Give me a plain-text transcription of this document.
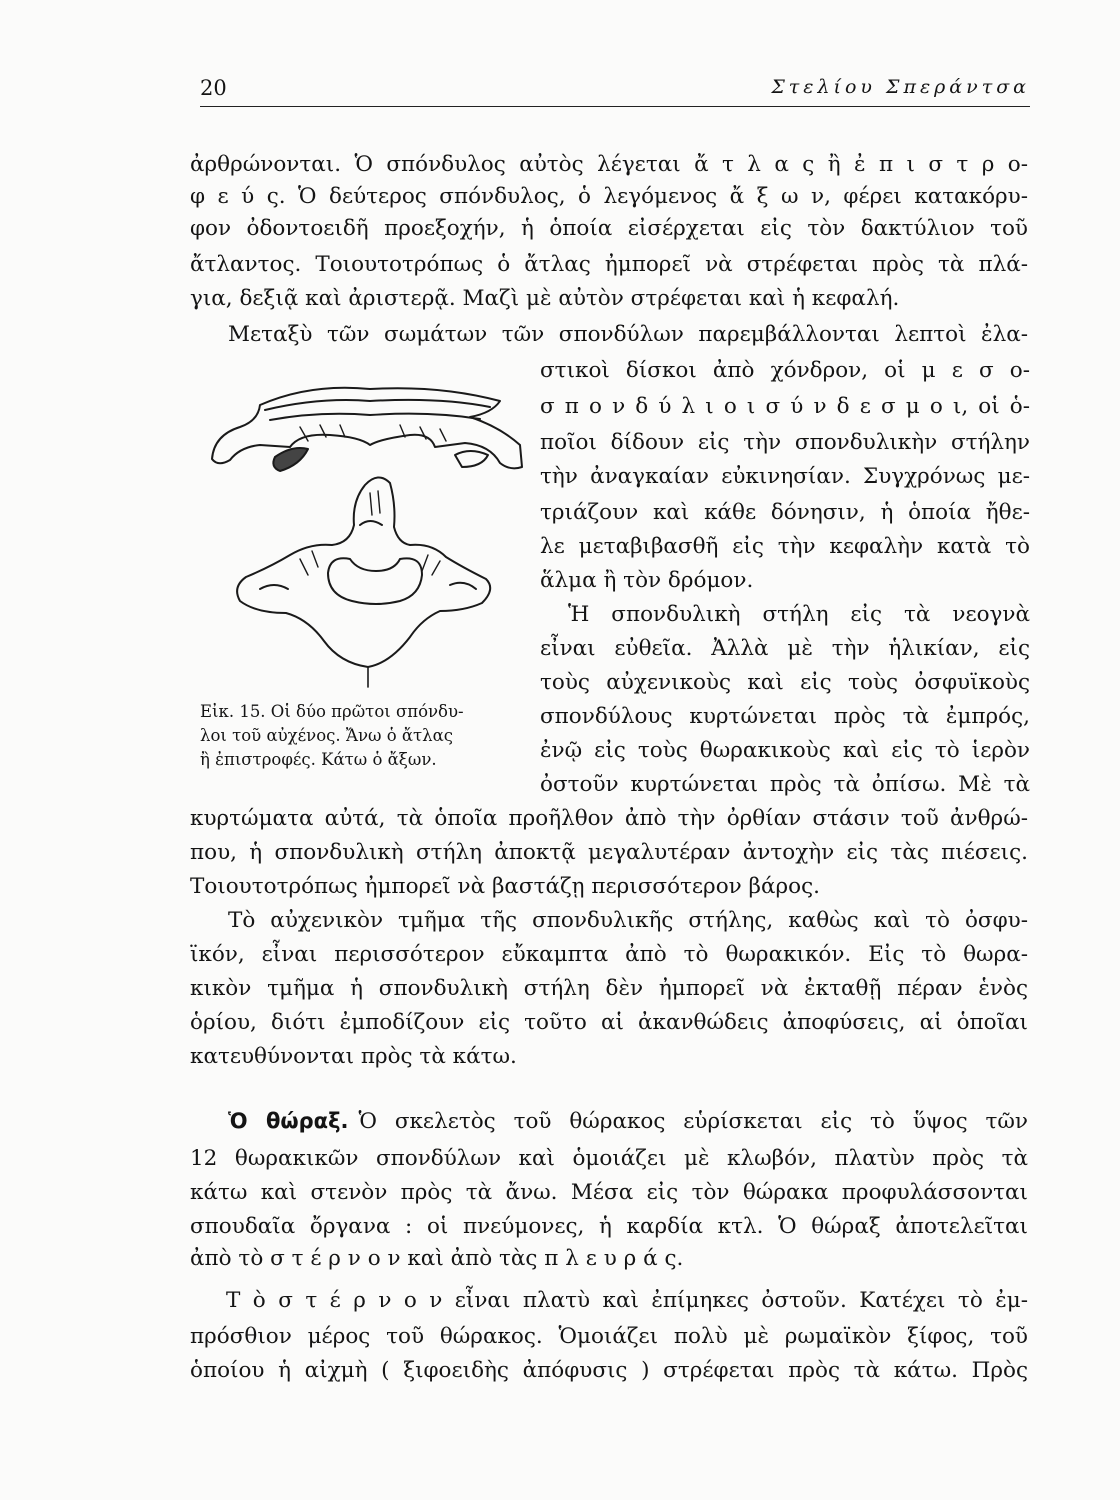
20	Στελίου Σπεράντσα
ἀρθρώνονται. Ὁ σπόνδυλος αὐτὸς λέγεται ἄ τ λ α ς ἢ ἐ π ι σ τ ρ ο-
φ ε ύ ς. Ὁ δεύτερος σπόνδυλος, ὁ λεγόμενος ἄ ξ ω ν, φέρει κατακόρυ-
φον ὀδοντοειδῆ προεξοχήν, ἡ ὁποία εἰσέρχεται εἰς τὸν δακτύλιον τοῦ
ἄτλαντος. Τοιουτοτρόπως ὁ ἄτλας ἠμπορεῖ νὰ στρέφεται πρὸς τὰ πλά-
για, δεξιᾷ καὶ ἀριστερᾷ. Μαζὶ μὲ αὐτὸν στρέφεται καὶ ἡ κεφαλή.
Μεταξὺ τῶν σωμάτων τῶν σπονδύλων παρεμβάλλονται λεπτοὶ ἐλα-
στικοὶ δίσκοι ἀπὸ χόνδρον, οἱ μ ε σ ο-
σ π ο ν δ ύ λ ι ο ι σ ύ ν δ ε σ μ ο ι, οἱ ὁ-
ποῖοι δίδουν εἰς τὴν σπονδυλικὴν στήλην
τὴν ἀναγκαίαν εὐκινησίαν. Συγχρόνως με-
τριάζουν καὶ κάθε δόνησιν, ἡ ὁποία ἤθε-
λε μεταβιβασθῆ εἰς τὴν κεφαλὴν κατὰ τὸ
ἅλμα ἢ τὸν δρόμον.
Ἡ σπονδυλικὴ στήλη εἰς τὰ νεογνὰ
εἶναι εὐθεῖα. Ἀλλὰ μὲ τὴν ἡλικίαν, εἰς
τοὺς αὐχενικοὺς καὶ εἰς τοὺς ὀσφυϊκοὺς
σπονδύλους κυρτώνεται πρὸς τὰ ἐμπρός,
ἐνῷ εἰς τοὺς θωρακικοὺς καὶ εἰς τὸ ἱερὸν
ὀστοῦν κυρτώνεται πρὸς τὰ ὀπίσω. Μὲ τὰ
Εἰκ. 15. Οἱ δύο πρῶτοι σπόνδυ-
λοι τοῦ αὐχένος. Ἄνω ὁ ἄτλας
ἢ ἐπιστροφές. Κάτω ὁ ἄξων.
κυρτώματα αὐτά, τὰ ὁποῖα προῆλθον ἀπὸ τὴν ὀρθίαν στάσιν τοῦ ἀνθρώ-
που, ἡ σπονδυλικὴ στήλη ἀποκτᾷ μεγαλυτέραν ἀντοχὴν εἰς τὰς πιέσεις.
Τοιουτοτρόπως ἠμπορεῖ νὰ βαστάζῃ περισσότερον βάρος.
Τὸ αὐχενικὸν τμῆμα τῆς σπονδυλικῆς στήλης, καθὼς καὶ τὸ ὀσφυ-
ϊκόν, εἶναι περισσότερον εὔκαμπτα ἀπὸ τὸ θωρακικόν. Εἰς τὸ θωρα-
κικὸν τμῆμα ἡ σπονδυλικὴ στήλη δὲν ἠμπορεῖ νὰ ἐκταθῇ πέραν ἑνὸς
ὁρίου, διότι ἐμποδίζουν εἰς τοῦτο αἱ ἀκανθώδεις ἀποφύσεις, αἱ ὁποῖαι
κατευθύνονται πρὸς τὰ κάτω.
Ὁ θώραξ. Ὁ σκελετὸς τοῦ θώρακος εὑρίσκεται εἰς τὸ ὕψος τῶν
12 θωρακικῶν σπονδύλων καὶ ὁμοιάζει μὲ κλωβόν, πλατὺν πρὸς τὰ
κάτω καὶ στενὸν πρὸς τὰ ἄνω. Μέσα εἰς τὸν θώρακα προφυλάσσονται
σπουδαῖα ὄργανα : οἱ πνεύμονες, ἡ καρδία κτλ. Ὁ θώραξ ἀποτελεῖται
ἀπὸ τὸ σ τ έ ρ ν ο ν καὶ ἀπὸ τὰς π λ ε υ ρ ά ς.
Τ ὸ σ τ έ ρ ν ο ν εἶναι πλατὺ καὶ ἐπίμηκες ὀστοῦν. Κατέχει τὸ ἐμ-
πρόσθιον μέρος τοῦ θώρακος. Ὁμοιάζει πολὺ μὲ ρωμαϊκὸν ξίφος, τοῦ
ὁποίου ἡ αἰχμὴ ( ξιφοειδὴς ἀπόφυσις ) στρέφεται πρὸς τὰ κάτω. Πρὸς
